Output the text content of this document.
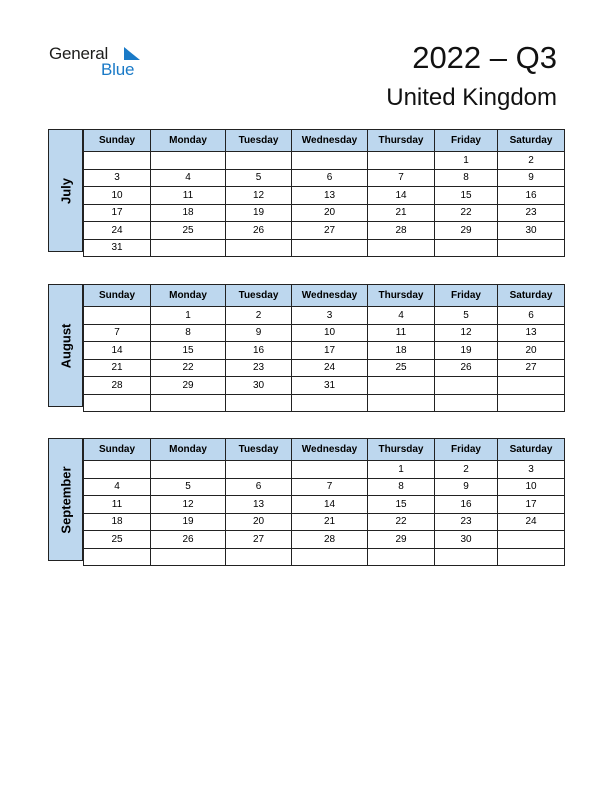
General
Blue	2022 – Q3
United Kingdom
July
Sunday	Monday	Tuesday	Wednesday	Thursday	Friday	Saturday
					1	2
3	4	5	6	7	8	9
10	11	12	13	14	15	16
17	18	19	20	21	22	23
24	25	26	27	28	29	30
31						
August
Sunday	Monday	Tuesday	Wednesday	Thursday	Friday	Saturday
	1	2	3	4	5	6
7	8	9	10	11	12	13
14	15	16	17	18	19	20
21	22	23	24	25	26	27
28	29	30	31			

September
Sunday	Monday	Tuesday	Wednesday	Thursday	Friday	Saturday
				1	2	3
4	5	6	7	8	9	10
11	12	13	14	15	16	17
18	19	20	21	22	23	24
25	26	27	28	29	30	
